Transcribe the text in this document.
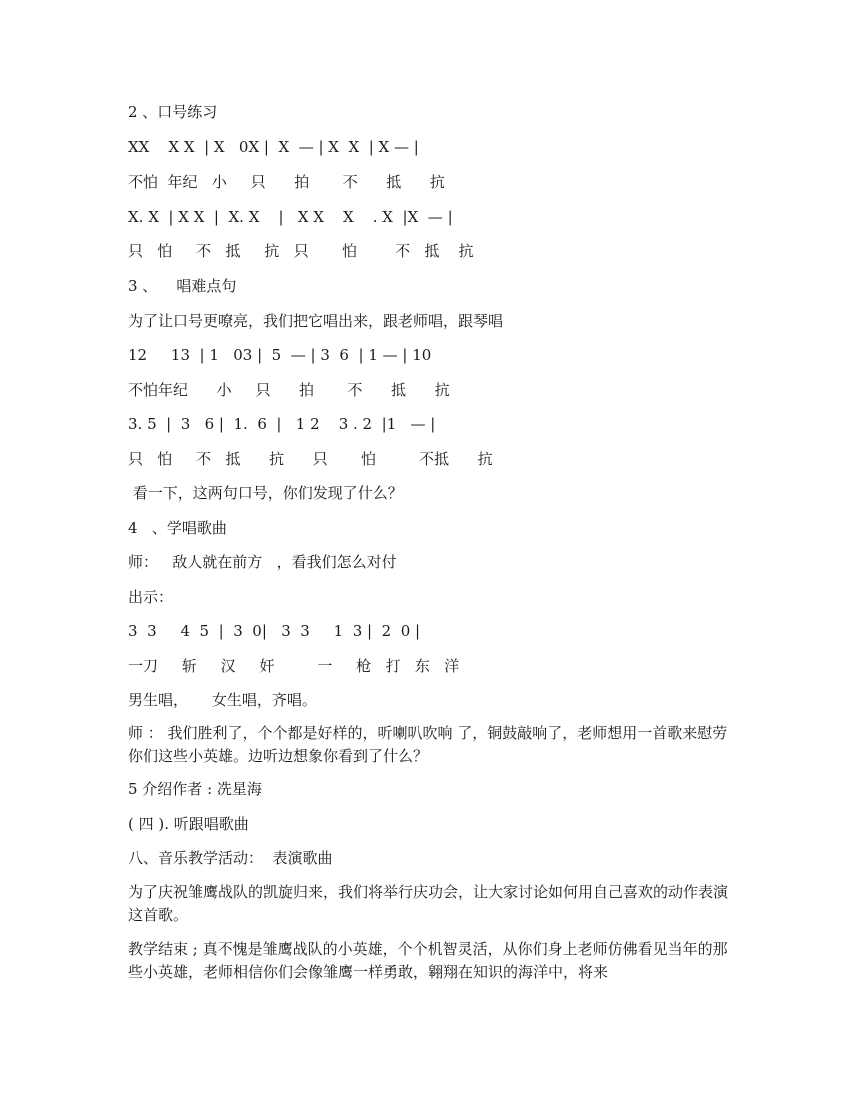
2 、口号练习
XX    X X  | X   0X |  X  — | X  X  | X — |
不怕  年纪   小     只      拍       不      抵      抗
X. X  | X X  |  X. X    |   X X    X    . X  |X  — |
只   怕     不   抵     抗   只       怕        不   抵    抗
3 、    唱难点句
为了让口号更嘹亮，我们把它唱出来，跟老师唱，跟琴唱
12     13  | 1   03 |  5  — | 3  6  | 1 — | 10
不怕年纪      小     只      拍       不      抵      抗
3. 5  |  3   6 |  1.  6  |   1 2    3 . 2  |1   — |
只   怕     不   抵      抗      只       怕         不抵      抗
看一下，这两句口号，你们发现了什么？
4   、学唱歌曲
师：   敌人就在前方   ，看我们怎么对付
出示：
3  3     4  5  |  3  0|   3  3     1  3 |  2  0 |
一刀     斩     汉     奸         一     枪   打   东   洋
男生唱，     女生唱，齐唱。
师 ： 我们胜利了，个个都是好样的，听喇叭吹响 了，铜鼓敲响了，老师想用一首歌来慰劳你们这些小英雄。边听边想象你看到了什么？
5 介绍作者 : 冼星海
( 四 ). 听跟唱歌曲
八、音乐教学活动：  表演歌曲
为了庆祝雏鹰战队的凯旋归来，我们将举行庆功会，让大家讨论如何用自己喜欢的动作表演这首歌。
教学结束 ; 真不愧是雏鹰战队的小英雄，个个机智灵活，从你们身上老师仿佛看见当年的那些小英雄，老师相信你们会像雏鹰一样勇敢，翱翔在知识的海洋中，将来
